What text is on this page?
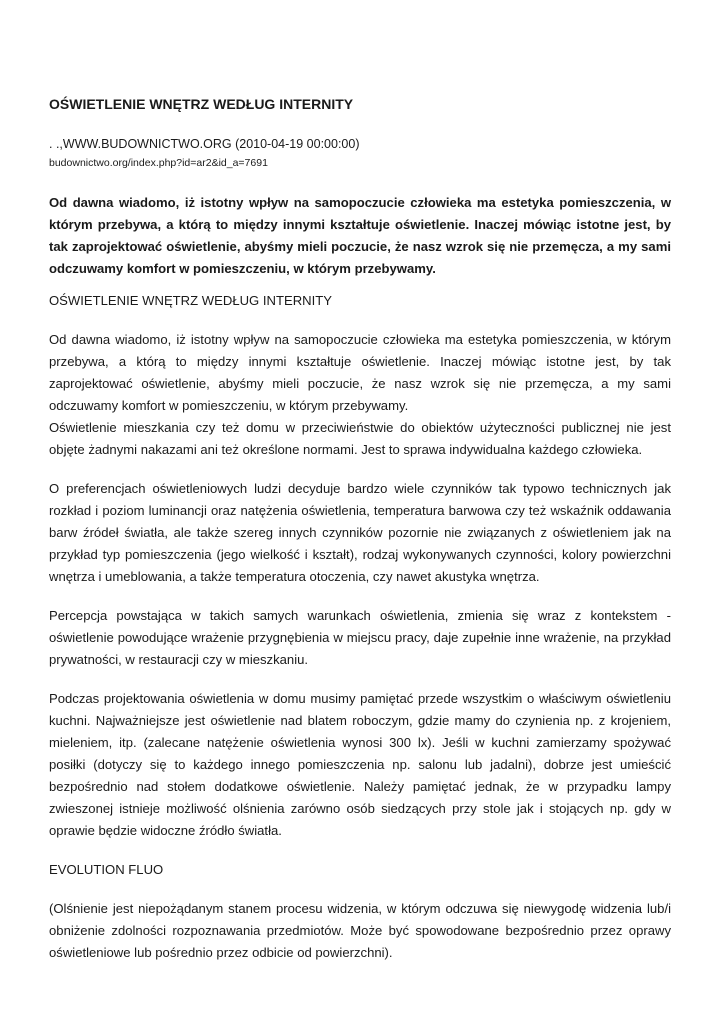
OŚWIETLENIE WNĘTRZ WEDŁUG INTERNITY
. .,WWW.BUDOWNICTWO.ORG (2010-04-19 00:00:00)
budownictwo.org/index.php?id=ar2&id_a=7691

Od dawna wiadomo, iż istotny wpływ na samopoczucie człowieka ma estetyka pomieszczenia, w którym przebywa, a którą to między innymi kształtuje oświetlenie. Inaczej mówiąc istotne jest, by tak zaprojektować oświetlenie, abyśmy mieli poczucie, że nasz wzrok się nie przemęcza, a my sami odczuwamy komfort w pomieszczeniu, w którym przebywamy.

OŚWIETLENIE WNĘTRZ WEDŁUG INTERNITY

Od dawna wiadomo, iż istotny wpływ na samopoczucie człowieka ma estetyka pomieszczenia, w którym przebywa, a którą to między innymi kształtuje oświetlenie. Inaczej mówiąc istotne jest, by tak zaprojektować oświetlenie, abyśmy mieli poczucie, że nasz wzrok się nie przemęcza, a my sami odczuwamy komfort w pomieszczeniu, w którym przebywamy.

Oświetlenie mieszkania czy też domu w przeciwieństwie do obiektów użyteczności publicznej nie jest objęte żadnymi nakazami ani też określone normami. Jest to sprawa indywidualna każdego człowieka.

O preferencjach oświetleniowych ludzi decyduje bardzo wiele czynników tak typowo technicznych jak rozkład i poziom luminancji oraz natężenia oświetlenia, temperatura barwowa czy też wskaźnik oddawania barw źródeł światła, ale także szereg innych czynników pozornie nie związanych z oświetleniem jak na przykład typ pomieszczenia (jego wielkość i kształt), rodzaj wykonywanych czynności, kolory powierzchni wnętrza i umeblowania, a także temperatura otoczenia, czy nawet akustyka wnętrza.

Percepcja powstająca w takich samych warunkach oświetlenia, zmienia się wraz z kontekstem - oświetlenie powodujące wrażenie przygnębienia w miejscu pracy, daje zupełnie inne wrażenie, na przykład prywatności, w restauracji czy w mieszkaniu.

Podczas projektowania oświetlenia w domu musimy pamiętać przede wszystkim o właściwym oświetleniu kuchni. Najważniejsze jest oświetlenie nad blatem roboczym, gdzie mamy do czynienia np. z krojeniem, mieleniem, itp. (zalecane natężenie oświetlenia wynosi 300 lx). Jeśli w kuchni zamierzamy spożywać posiłki (dotyczy się to każdego innego pomieszczenia np. salonu lub jadalni), dobrze jest umieścić bezpośrednio nad stołem dodatkowe oświetlenie. Należy pamiętać jednak, że w przypadku lampy zwieszonej istnieje możliwość olśnienia zarówno osób siedzących przy stole jak i stojących np. gdy w oprawie będzie widoczne źródło światła.

EVOLUTION FLUO

(Olśnienie jest niepożądanym stanem procesu widzenia, w którym odczuwa się niewygodę widzenia lub/i obniżenie zdolności rozpoznawania przedmiotów. Może być spowodowane bezpośrednio przez oprawy oświetleniowe lub pośrednio przez odbicie od powierzchni).
